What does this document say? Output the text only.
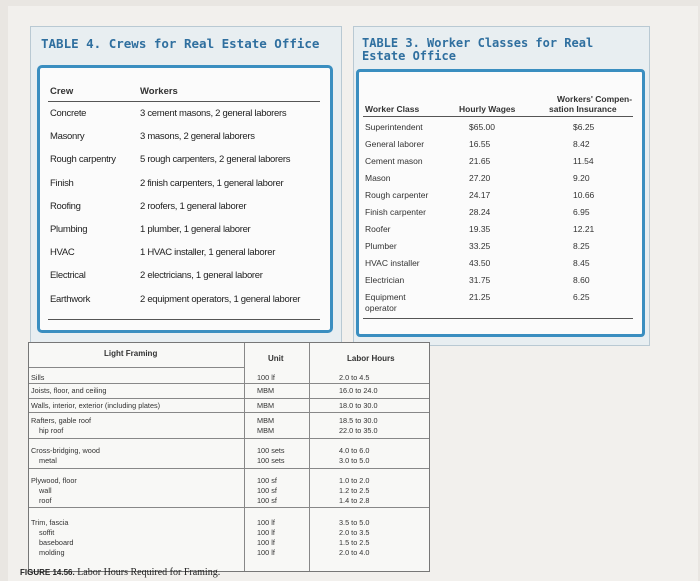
TABLE 4. Crews for Real Estate Office
Crew	Workers
Concrete	3 cement masons, 2 general laborers
Masonry	3 masons, 2 general laborers
Rough carpentry	5 rough carpenters, 2 general laborers
Finish	2 finish carpenters, 1 general laborer
Roofing	2 roofers, 1 general laborer
Plumbing	1 plumber, 1 general laborer
HVAC	1 HVAC installer, 1 general laborer
Electrical	2 electricians, 1 general laborer
Earthwork	2 equipment operators, 1 general laborer
TABLE 3. Worker Classes for Real
Estate Office
Worker Class	Hourly Wages
Workers' Compen-
sation Insurance
Superintendent	$65.00	$6.25
General laborer	16.55	8.42
Cement mason	21.65	11.54
Mason	27.20	9.20
Rough carpenter	24.17	10.66
Finish carpenter	28.24	6.95
Roofer	19.35	12.21
Plumber	33.25	8.25
HVAC installer	43.50	8.45
Electrician	31.75	8.60
Equipment	21.25	6.25
operator
Light Framing
Unit	Labor Hours
Sills	100 lf	2.0 to 4.5
Joists, floor, and ceiling	MBM	16.0 to 24.0
Walls, interior, exterior (including plates)	MBM	18.0 to 30.0
Rafters, gable roof	MBM	18.5 to 30.0
hip roof	MBM	22.0 to 35.0
Cross-bridging, wood	100 sets	4.0 to 6.0
metal	100 sets	3.0 to 5.0
Plywood, floor	100 sf	1.0 to 2.0
wall	100 sf	1.2 to 2.5
roof	100 sf	1.4 to 2.8
Trim, fascia	100 lf	3.5 to 5.0
soffit	100 lf	2.0 to 3.5
baseboard	100 lf	1.5 to 2.5
molding	100 lf	2.0 to 4.0
FIGURE 14.56. Labor Hours Required for Framing.
